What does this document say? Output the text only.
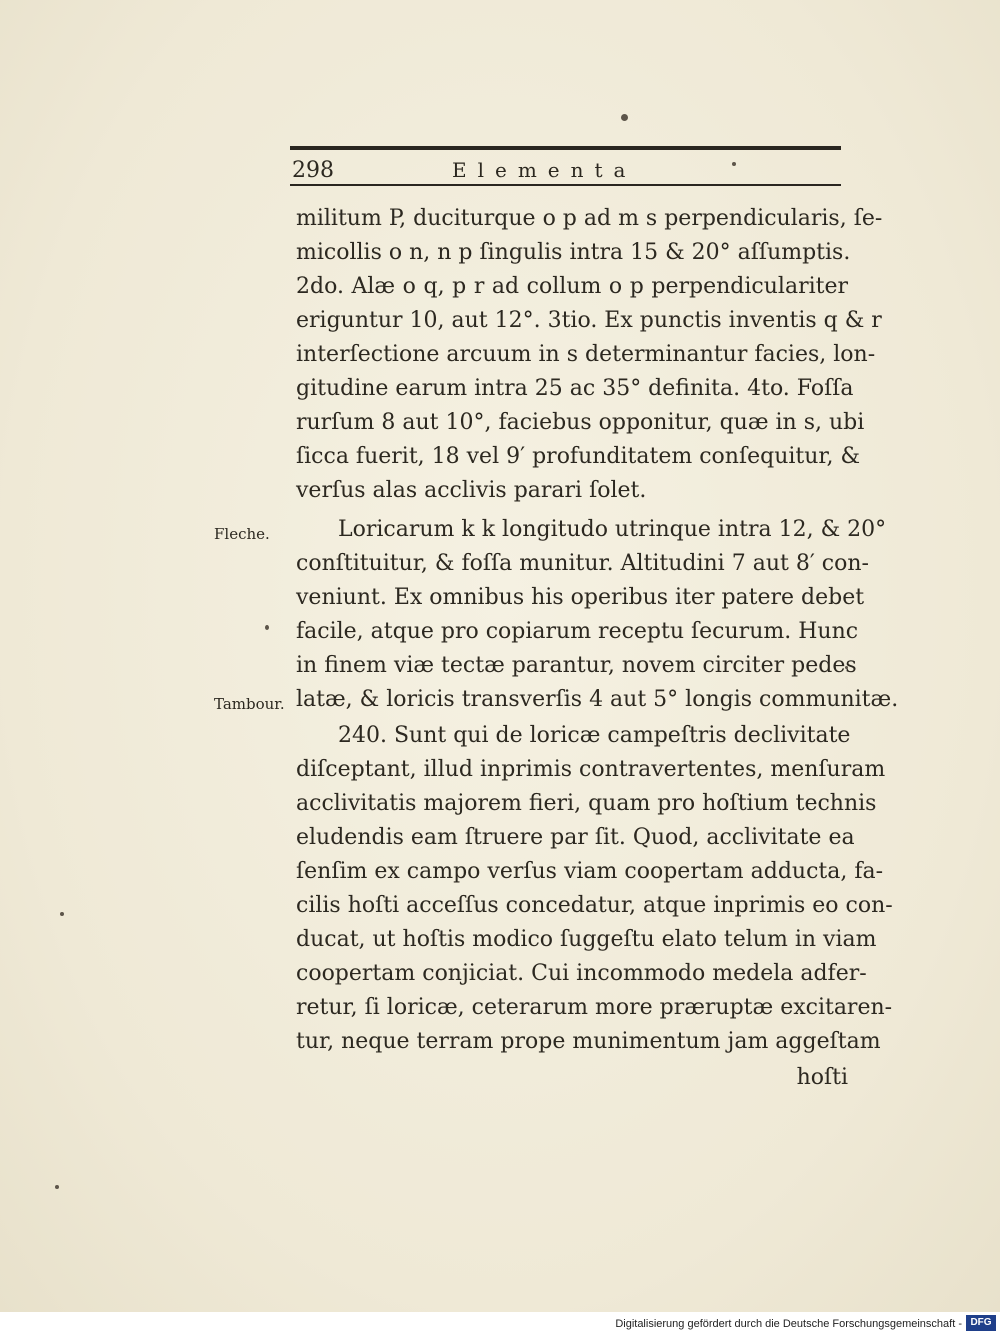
298	Elementa
militum P, duciturque o p ad m s perpendicularis, ſe-
micollis o n, n p ſingulis intra 15 & 20° aſſumptis.
2do. Alæ o q, p r ad collum o p perpendiculariter
eriguntur 10, aut 12°. 3tio. Ex punctis inventis q & r
interſectione arcuum in s determinantur facies, lon-
gitudine earum intra 25 ac 35° definita. 4to. Foſſa
rurſum 8 aut 10°, faciebus opponitur, quæ in s, ubi
ſicca fuerit, 18 vel 9′ profunditatem conſequitur, &
verſus alas acclivis parari ſolet.
Fleche.	Loricarum k k longitudo utrinque intra 12, & 20°
conſtituitur, & foſſa munitur. Altitudini 7 aut 8′ con-
veniunt. Ex omnibus his operibus iter patere debet
facile, atque pro copiarum receptu ſecurum. Hunc
in finem viæ tectæ parantur, novem circiter pedes
Tambour. latæ, & loricis transverſis 4 aut 5° longis communitæ.
240. Sunt qui de loricæ campeſtris declivitate
diſceptant, illud inprimis contravertentes, menſuram
acclivitatis majorem fieri, quam pro hoſtium technis
eludendis eam ſtruere par ſit. Quod, acclivitate ea
ſenſim ex campo verſus viam coopertam adducta, fa-
cilis hoſti acceſſus concedatur, atque inprimis eo con-
ducat, ut hoſtis modico ſuggeſtu elato telum in viam
coopertam conjiciat. Cui incommodo medela adfer-
retur, ſi loricæ, ceterarum more præruptæ excitaren-
tur, neque terram prope munimentum jam aggeſtam
hoſti
Digitalisierung gefördert durch die Deutsche Forschungsgemeinschaft - DFG
